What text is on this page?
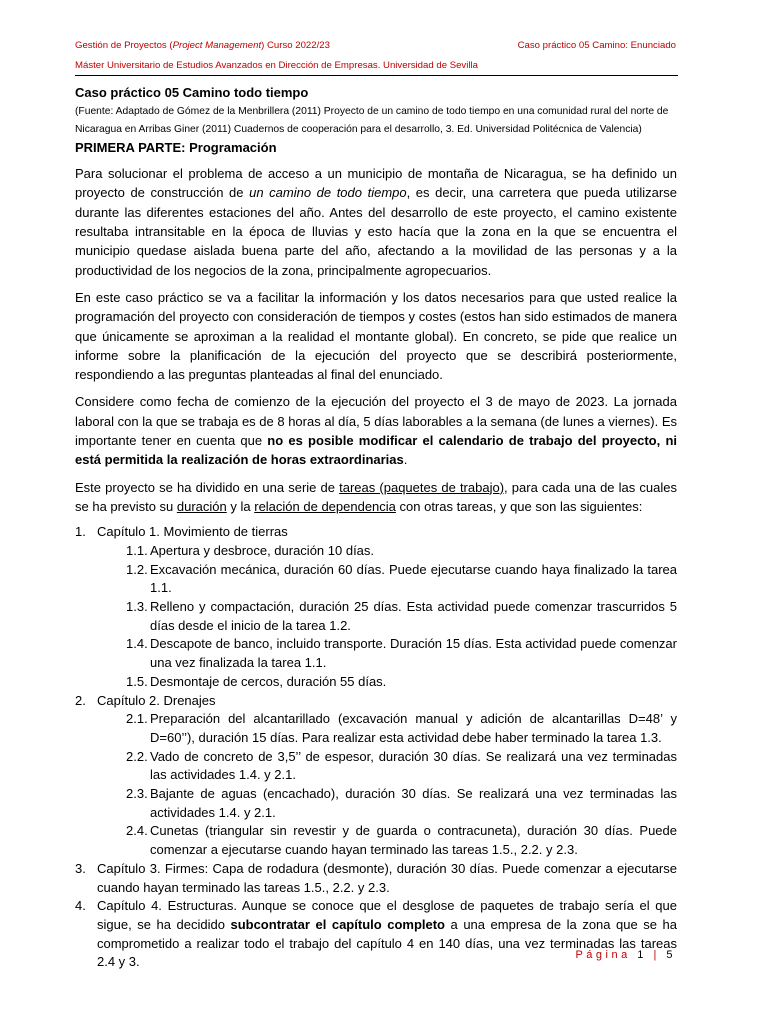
Gestión de Proyectos (Project Management) Curso 2022/23	Caso práctico 05 Camino: Enunciado
Máster Universitario de Estudios Avanzados en Dirección de Empresas. Universidad de Sevilla

Caso práctico 05 Camino todo tiempo

(Fuente: Adaptado de Gómez de la Menbrillera (2011) Proyecto de un camino de todo tiempo en una comunidad rural del norte de Nicaragua en Arribas Giner (2011) Cuadernos de cooperación para el desarrollo, 3. Ed. Universidad Politécnica de Valencia)

PRIMERA PARTE: Programación

Para solucionar el problema de acceso a un municipio de montaña de Nicaragua, se ha definido un proyecto de construcción de un camino de todo tiempo, es decir, una carretera que pueda utilizarse durante las diferentes estaciones del año. Antes del desarrollo de este proyecto, el camino existente resultaba intransitable en la época de lluvias y esto hacía que la zona en la que se encuentra el municipio quedase aislada buena parte del año, afectando a la movilidad de las personas y a la productividad de los negocios de la zona, principalmente agropecuarios.

En este caso práctico se va a facilitar la información y los datos necesarios para que usted realice la programación del proyecto con consideración de tiempos y costes (estos han sido estimados de manera que únicamente se aproximan a la realidad el montante global). En concreto, se pide que realice un informe sobre la planificación de la ejecución del proyecto que se describirá posteriormente, respondiendo a las preguntas planteadas al final del enunciado.

Considere como fecha de comienzo de la ejecución del proyecto el 3 de mayo de 2023. La jornada laboral con la que se trabaja es de 8 horas al día, 5 días laborables a la semana (de lunes a viernes). Es importante tener en cuenta que no es posible modificar el calendario de trabajo del proyecto, ni está permitida la realización de horas extraordinarias.

Este proyecto se ha dividido en una serie de tareas (paquetes de trabajo), para cada una de las cuales se ha previsto su duración y la relación de dependencia con otras tareas, y que son las siguientes:

1. Capítulo 1. Movimiento de tierras
1.1. Apertura y desbroce, duración 10 días.
1.2. Excavación mecánica, duración 60 días. Puede ejecutarse cuando haya finalizado la tarea 1.1.
1.3. Relleno y compactación, duración 25 días. Esta actividad puede comenzar trascurridos 5 días desde el inicio de la tarea 1.2.
1.4. Descapote de banco, incluido transporte. Duración 15 días. Esta actividad puede comenzar una vez finalizada la tarea 1.1.
1.5. Desmontaje de cercos, duración 55 días.
2. Capítulo 2. Drenajes
2.1. Preparación del alcantarillado (excavación manual y adición de alcantarillas D=48’ y D=60’’), duración 15 días. Para realizar esta actividad debe haber terminado la tarea 1.3.
2.2. Vado de concreto de 3,5’’ de espesor, duración 30 días. Se realizará una vez terminadas las actividades 1.4. y 2.1.
2.3. Bajante de aguas (encachado), duración 30 días. Se realizará una vez terminadas las actividades 1.4. y 2.1.
2.4. Cunetas (triangular sin revestir y de guarda o contracuneta), duración 30 días. Puede comenzar a ejecutarse cuando hayan terminado las tareas 1.5., 2.2. y 2.3.
3. Capítulo 3. Firmes: Capa de rodadura (desmonte), duración 30 días. Puede comenzar a ejecutarse cuando hayan terminado las tareas 1.5., 2.2. y 2.3.
4. Capítulo 4. Estructuras. Aunque se conoce que el desglose de paquetes de trabajo sería el que sigue, se ha decidido subcontratar el capítulo completo a una empresa de la zona que se ha comprometido a realizar todo el trabajo del capítulo 4 en 140 días, una vez terminadas las tareas 2.4 y 3.	Página 1 | 5
